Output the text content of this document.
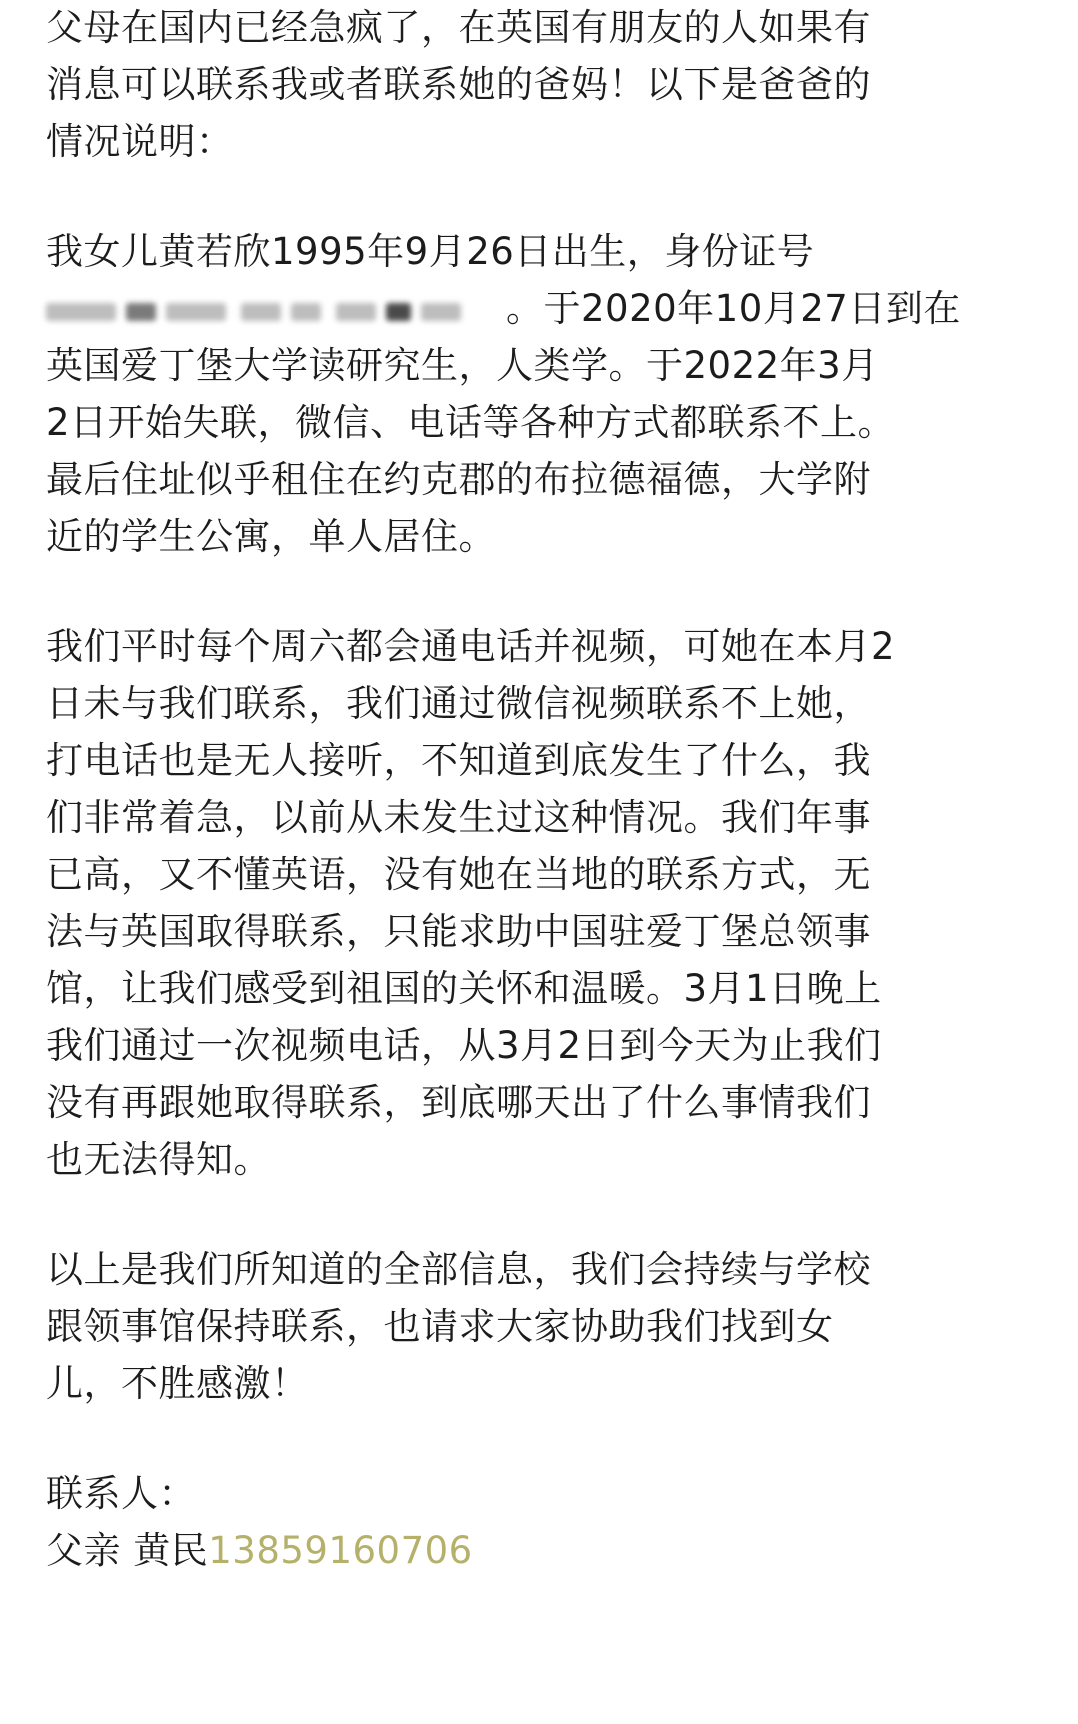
父母在国内已经急疯了，在英国有朋友的人如果有
消息可以联系我或者联系她的爸妈！以下是爸爸的
情况说明：
我女儿黄若欣1995年9月26日出生，身份证号
。于2020年10月27日到在
英国爱丁堡大学读研究生，人类学。于2022年3月
2日开始失联，微信、电话等各种方式都联系不上。
最后住址似乎租住在约克郡的布拉德福德，大学附
近的学生公寓，单人居住。
我们平时每个周六都会通电话并视频，可她在本月2
日未与我们联系，我们通过微信视频联系不上她，
打电话也是无人接听，不知道到底发生了什么，我
们非常着急，以前从未发生过这种情况。我们年事
已高，又不懂英语，没有她在当地的联系方式，无
法与英国取得联系，只能求助中国驻爱丁堡总领事
馆，让我们感受到祖国的关怀和温暖。3月1日晚上
我们通过一次视频电话，从3月2日到今天为止我们
没有再跟她取得联系，到底哪天出了什么事情我们
也无法得知。
以上是我们所知道的全部信息，我们会持续与学校
跟领事馆保持联系，也请求大家协助我们找到女
儿，不胜感激！
联系人：
父亲 黄民13859160706
